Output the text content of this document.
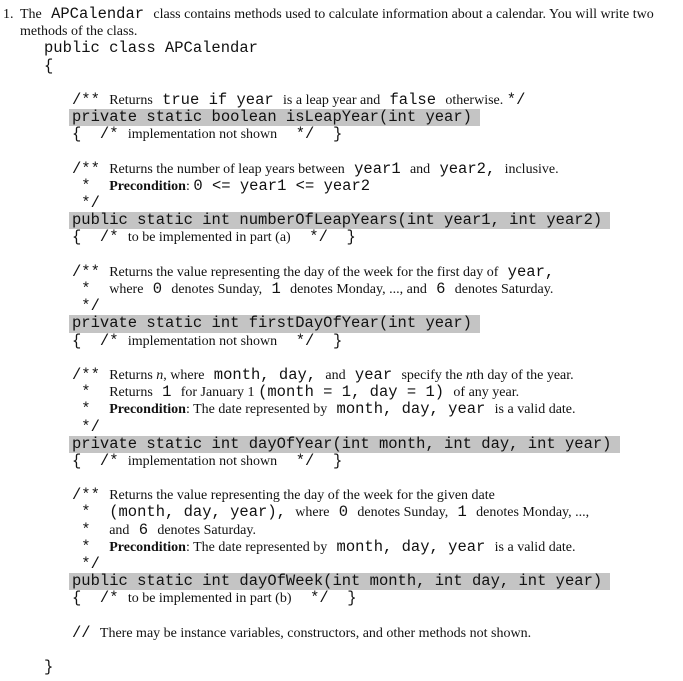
1. The APCalendar class contains methods used to calculate information about a calendar. You will write two
methods of the class.
public class APCalendar
{
/** Returns true if year is a leap year and false otherwise. */
private static boolean isLeapYear(int year)
{  /* implementation not shown  */  }
/** Returns the number of leap years between year1 and year2, inclusive.
*  Precondition: 0 <= year1 <= year2
*/
public static int numberOfLeapYears(int year1, int year2)
{  /* to be implemented in part (a)  */  }
/** Returns the value representing the day of the week for the first day of year,
*  where 0 denotes Sunday, 1 denotes Monday, ..., and 6 denotes Saturday.
*/
private static int firstDayOfYear(int year)
{  /* implementation not shown  */  }
/** Returns n, where month, day, and year specify the nth day of the year.
*  Returns 1 for January 1 (month = 1, day = 1) of any year.
*  Precondition: The date represented by month, day, year is a valid date.
*/
private static int dayOfYear(int month, int day, int year)
{  /* implementation not shown  */  }
/** Returns the value representing the day of the week for the given date
*  (month, day, year), where 0 denotes Sunday, 1 denotes Monday, ...,
*  and 6 denotes Saturday.
*  Precondition: The date represented by month, day, year is a valid date.
*/
public static int dayOfWeek(int month, int day, int year)
{  /* to be implemented in part (b)  */  }
// There may be instance variables, constructors, and other methods not shown.
}
